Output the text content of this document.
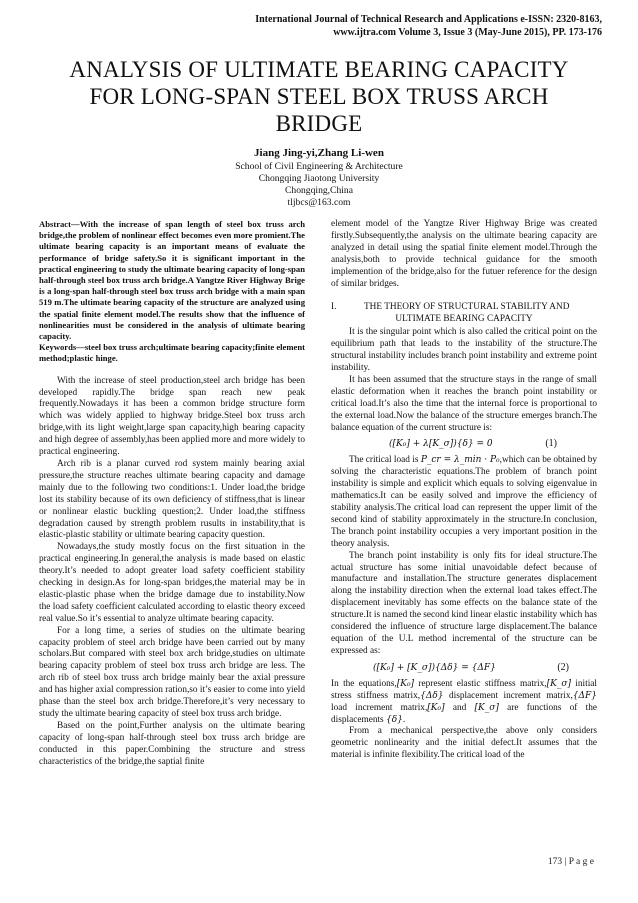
International Journal of Technical Research and Applications e-ISSN: 2320-8163,
www.ijtra.com Volume 3, Issue 3 (May-June 2015), PP. 173-176
ANALYSIS OF ULTIMATE BEARING CAPACITY
FOR LONG-SPAN STEEL BOX TRUSS ARCH
BRIDGE
Jiang Jing-yi,Zhang Li-wen
School of Civil Engineering & Architecture
Chongqing Jiaotong University
Chongqing,China
tljbcs@163.com

Abstract—With the increase of span length of steel box truss arch bridge,the problem of nonlinear effect becomes even more promient.The ultimate bearing capacity is an important means of evaluate the performance of bridge safety.So it is significant important in the practical engineering to study the ultimate bearing capacity of long-span half-through steel box truss arch bridge.A Yangtze River Highway Brige is a long-span half-through steel box truss arch bridge with a main span 519 m.The ultimate bearing capacity of the structure are analyzed using the spatial finite element model.The results show that the influence of nonlinearities must be considered in the analysis of ultimate bearing capacity.

Keywords—steel box truss arch;ultimate bearing capacity;finite element method;plastic hinge.

With the increase of steel production,steel arch bridge has been developed rapidly.The bridge span reach new peak frequently.Nowadays it has been a common bridge structure form which was widely applied to highway bridge.Steel box truss arch bridge,with its light weight,large span capacity,high bearing capacity and high degree of assembly,has been applied more and more widely to practical engineering.

Arch rib is a planar curved rod system mainly bearing axial pressure,the structure reaches ultimate bearing capacity and damage mainly due to the following two conditions:1. Under load,the bridge lost its stability because of its own deficiency of stiffness,that is linear or nonlinear elastic buckling question;2. Under load,the stiffness degradation caused by strength problem rusults in instability,that is elastic-plastic stability or ultimate bearing capacity question.

Nowadays,the study mostly focus on the first situation in the practical engineering.In general,the analysis is made based on elastic theory.It’s needed to adopt greater load safety coefficient stability checking in design.As for long-span bridges,the material may be in elastic-plastic phase when the bridge damage due to instability.Now the load safety coefficient calculated according to elastic theory exceed real value.So it’s essential to analyze ultimate bearing capacity.

For a long time, a series of studies on the ultimate bearing capacity problem of steel arch bridge have been carried out by many scholars.But compared with steel box arch bridge,studies on ultimate bearing capacity problem of steel box truss arch bridge are less. The arch rib of steel box truss arch bridge mainly bear the axial pressure and has higher axial compression ration,so it’s easier to come into yield phase than the steel box arch bridge.Therefore,it’s very necessary to study the ultimate bearing capacity of steel box truss arch bridge.

Based on the point,Further analysis on the ultimate bearing capacity of long-span half-through steel box truss arch bridge are conducted in this paper.Combining the structure and stress characteristics of the bridge,the saptial finite

element model of the Yangtze River Highway Brige was created firstly.Subsequently,the analysis on the ultimate bearing capacity are analyzed in detail using the spatial finite element model.Through the analysis,both to provide technical guidance for the smooth implemention of the bridge,also for the futuer reference for the design of similar bridges.

I.	THE THEORY OF STRUCTURAL STABILITY AND
ULTIMATE BEARING CAPACITY

It is the singular point which is also called the critical point on the equilibrium path that leads to the instability of the structure.The structural instability includes branch point instability and extreme point instability.

It has been assumed that the structure stays in the range of small elastic deformation when it reaches the branch point instability or critical load.It’s also the time that the internal force is proportional to the external load.Now the balance of the structure emerges branch.The balance equation of the current structure is:

([K₀] + λ[K_σ]){δ} = 0	(1)

The critical load is P_cr = λ_min · P₀,which can be obtained by solving the characteristic equations.The problem of branch point instability is simple and explicit which equals to solving eigenvalue in mathematics.It can be easily solved and improve the efficiency of stability analysis.The critical load can represent the upper limit of the second kind of stability approximately in the structure.In conclusion, The branch point instability occupies a very important position in the theory analysis.

The branch point instability is only fits for ideal structure.The actual structure has some initial unavoidable defect because of manufacture and installation.The structure generates displacement along the instability direction when the external load takes effect.The displacement inevitably has some effects on the balance state of the structure.It is named the second kind linear elastic instability which has considered the influence of structure large displacement.The balance equation of the U.L method incremental of the structure can be expressed as:

([K₀] + [K_σ]){Δδ} = {ΔF}	(2)

In the equations,[K₀] represent elastic stiffness matrix,[K_σ] initial stress stiffness matrix,{Δδ} displacement increment matrix,{ΔF} load increment matrix,[K₀] and [K_σ] are functions of the displacements {δ}.

From a mechanical perspective,the above only considers geometric nonlinearity and the initial defect.It assumes that the material is infinite flexibility.The critical load of the

173 | P a g e
